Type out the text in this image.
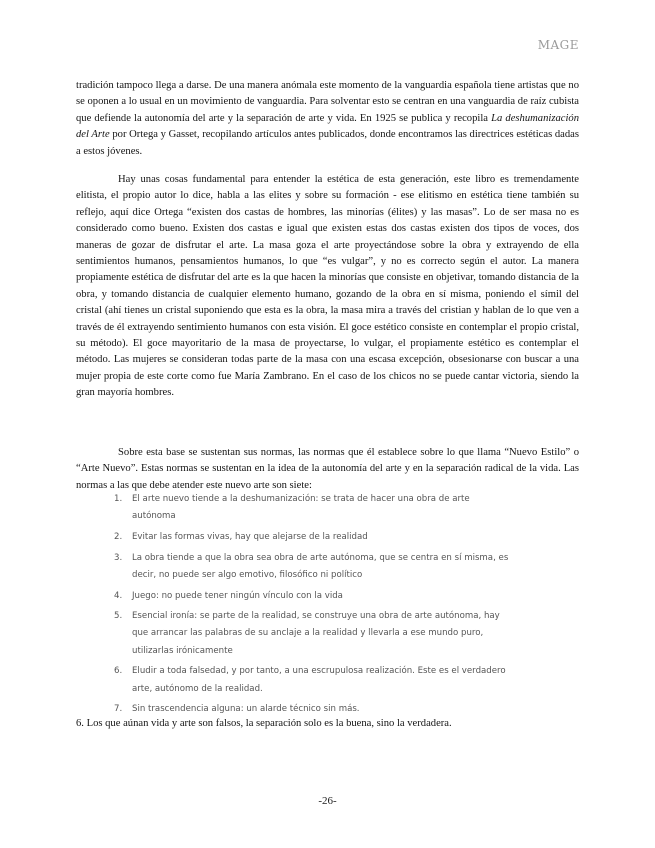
MAGE

tradición tampoco llega a darse. De una manera anómala este momento de la vanguardia española tiene artistas que no se oponen a lo usual en un movimiento de vanguardia. Para solventar esto se centran en una vanguardia de raíz cubista que defiende la autonomía del arte y la separación de arte y vida. En 1925 se publica y recopila La deshumanización del Arte por Ortega y Gasset, recopilando artículos antes publicados, donde encontramos las directrices estéticas dadas a estos jóvenes.

Hay unas cosas fundamental para entender la estética de esta generación, este libro es tremendamente elitista, el propio autor lo dice, habla a las elites y sobre su formación - ese elitismo en estética tiene también su reflejo, aquí dice Ortega “existen dos castas de hombres, las minorías (élites) y las masas”. Lo de ser masa no es considerado como bueno. Existen dos castas e igual que existen estas dos castas existen dos tipos de voces, dos maneras de gozar de disfrutar el arte. La masa goza el arte proyectándose sobre la obra y extrayendo de ella sentimientos humanos, pensamientos humanos, lo que “es vulgar”, y no es correcto según el autor. La manera propiamente estética de disfrutar del arte es la que hacen la minorías que consiste en objetivar, tomando distancia de la obra, y tomando distancia de cualquier elemento humano, gozando de la obra en sí misma, poniendo el símil del cristal (ahí tienes un cristal suponiendo que esta es la obra, la masa mira a través del cristian y hablan de lo que ven a través de él extrayendo sentimiento humanos con esta visión. El goce estético consiste en contemplar el propio cristal, su método). El goce mayoritario de la masa de proyectarse, lo vulgar, el propiamente estético es contemplar el método. Las mujeres se consideran todas parte de la masa con una escasa excepción, obsesionarse con buscar a una mujer propia de este corte como fue María Zambrano. En el caso de los chicos no se puede cantar victoria, siendo la gran mayoría hombres.

Sobre esta base se sustentan sus normas, las normas que él establece sobre lo que llama “Nuevo Estilo” o “Arte Nuevo”. Estas normas se sustentan en la idea de la autonomía del arte y en la separación radical de la vida. Las normas a las que debe atender este nuevo arte son siete:

1. El arte nuevo tiende a la deshumanización: se trata de hacer una obra de arte autónoma
2. Evitar las formas vivas, hay que alejarse de la realidad
3. La obra tiende a que la obra sea obra de arte autónoma, que se centra en sí misma, es decir, no puede ser algo emotivo, filosófico ni político
4. Juego: no puede tener ningún vínculo con la vida
5. Esencial ironía: se parte de la realidad, se construye una obra de arte autónoma, hay que arrancar las palabras de su anclaje a la realidad y llevarla a ese mundo puro, utilizarlas irónicamente
6. Eludir a toda falsedad, y por tanto, a una escrupulosa realización. Este es el verdadero arte, autónomo de la realidad.
7. Sin trascendencia alguna: un alarde técnico sin más.
6. Los que aúnan vida y arte son falsos, la separación solo es la buena, sino la verdadera.
-26-
